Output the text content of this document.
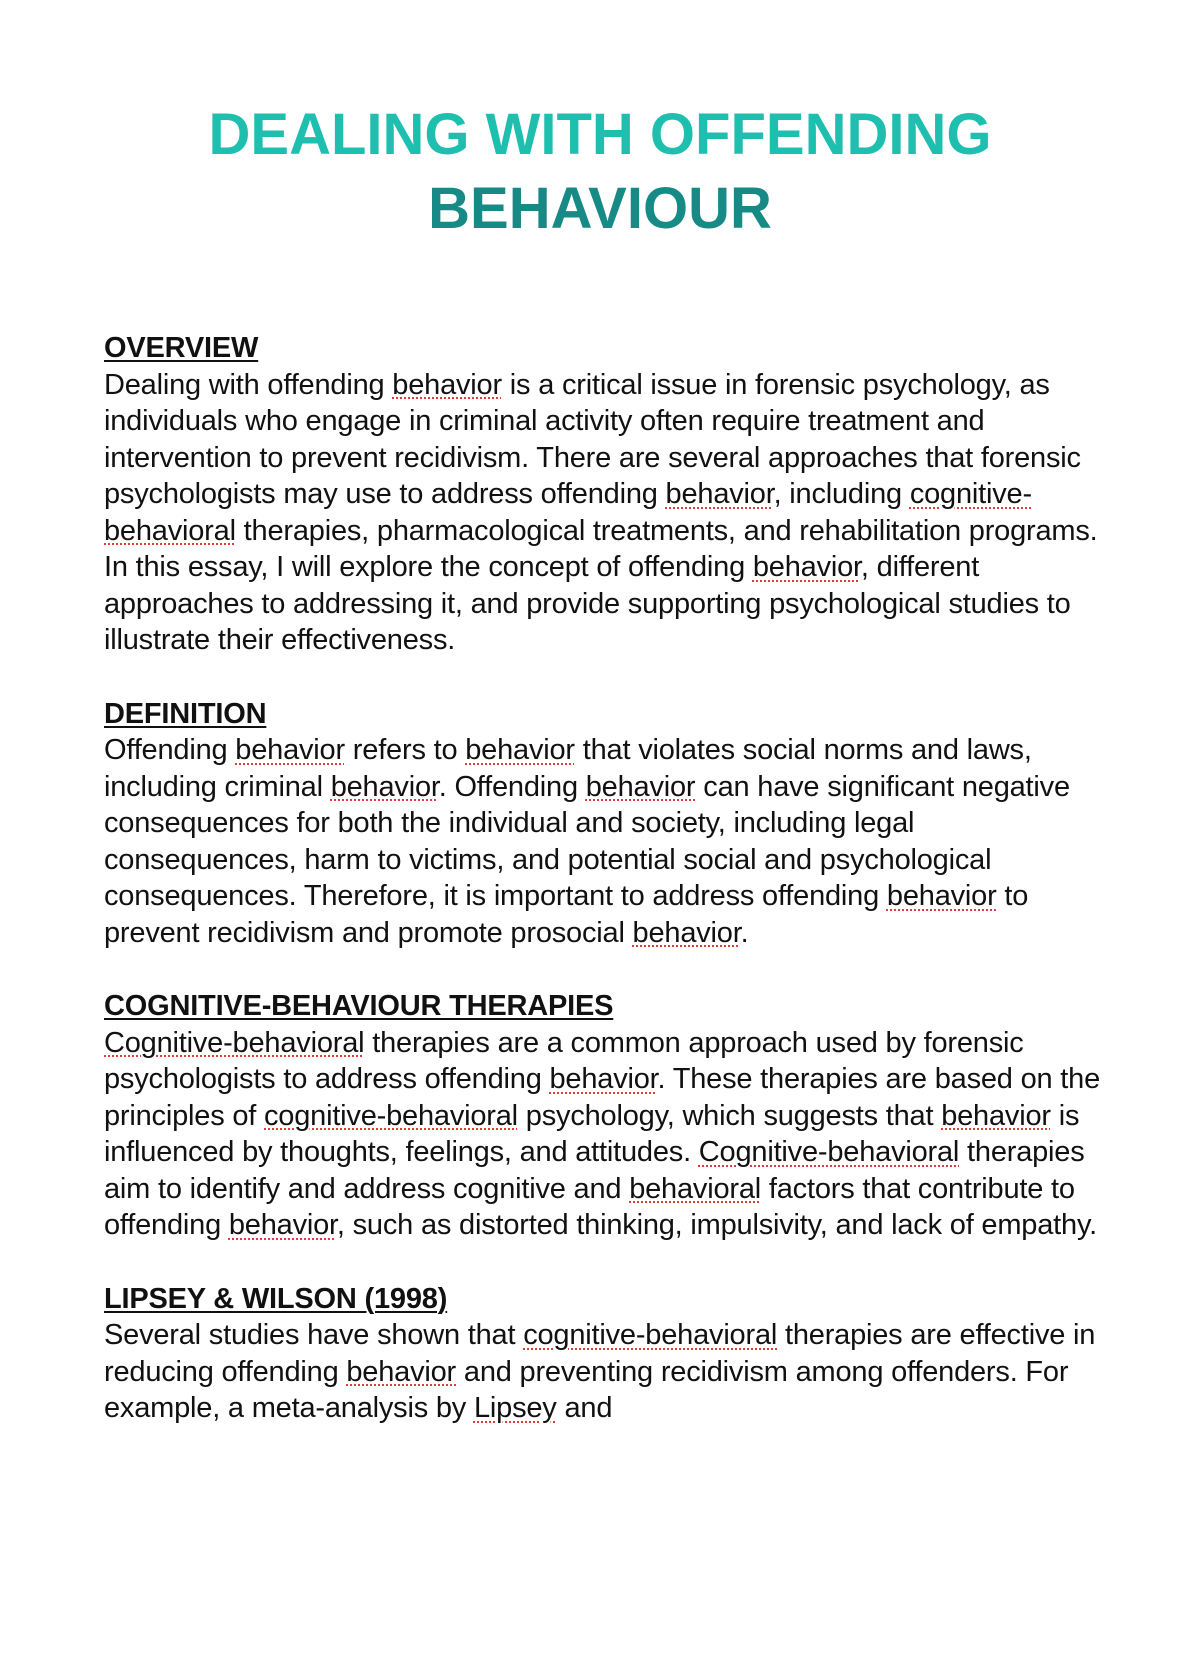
DEALING WITH OFFENDING
BEHAVIOUR

OVERVIEW

Dealing with offending behavior is a critical issue in forensic psychology, as individuals who engage in criminal activity often require treatment and intervention to prevent recidivism. There are several approaches that forensic psychologists may use to address offending behavior, including cognitive-behavioral therapies, pharmacological treatments, and rehabilitation programs. In this essay, I will explore the concept of offending behavior, different approaches to addressing it, and provide supporting psychological studies to illustrate their effectiveness.

DEFINITION

Offending behavior refers to behavior that violates social norms and laws, including criminal behavior. Offending behavior can have significant negative consequences for both the individual and society, including legal consequences, harm to victims, and potential social and psychological consequences. Therefore, it is important to address offending behavior to prevent recidivism and promote prosocial behavior.

COGNITIVE-BEHAVIOUR THERAPIES

Cognitive-behavioral therapies are a common approach used by forensic psychologists to address offending behavior. These therapies are based on the principles of cognitive-behavioral psychology, which suggests that behavior is influenced by thoughts, feelings, and attitudes. Cognitive-behavioral therapies aim to identify and address cognitive and behavioral factors that contribute to offending behavior, such as distorted thinking, impulsivity, and lack of empathy.

LIPSEY & WILSON (1998)

Several studies have shown that cognitive-behavioral therapies are effective in reducing offending behavior and preventing recidivism among offenders. For example, a meta-analysis by Lipsey and
